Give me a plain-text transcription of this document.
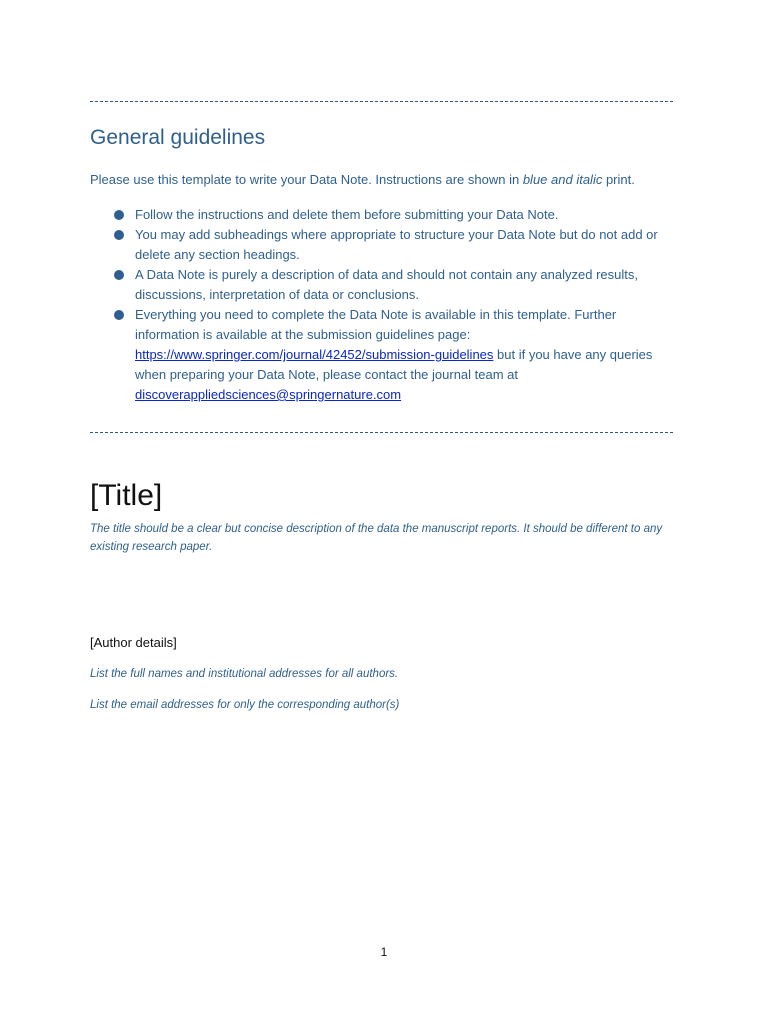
General guidelines

Please use this template to write your Data Note. Instructions are shown in blue and italic print.

Follow the instructions and delete them before submitting your Data Note.
You may add subheadings where appropriate to structure your Data Note but do not add or delete any section headings.
A Data Note is purely a description of data and should not contain any analyzed results, discussions, interpretation of data or conclusions.
Everything you need to complete the Data Note is available in this template. Further information is available at the submission guidelines page: https://www.springer.com/journal/42452/submission-guidelines but if you have any queries when preparing your Data Note, please contact the journal team at discoverappliedsciences@springernature.com
[Title]

The title should be a clear but concise description of the data the manuscript reports. It should be different to any existing research paper.

[Author details]

List the full names and institutional addresses for all authors.

List the email addresses for only the corresponding author(s)

1
